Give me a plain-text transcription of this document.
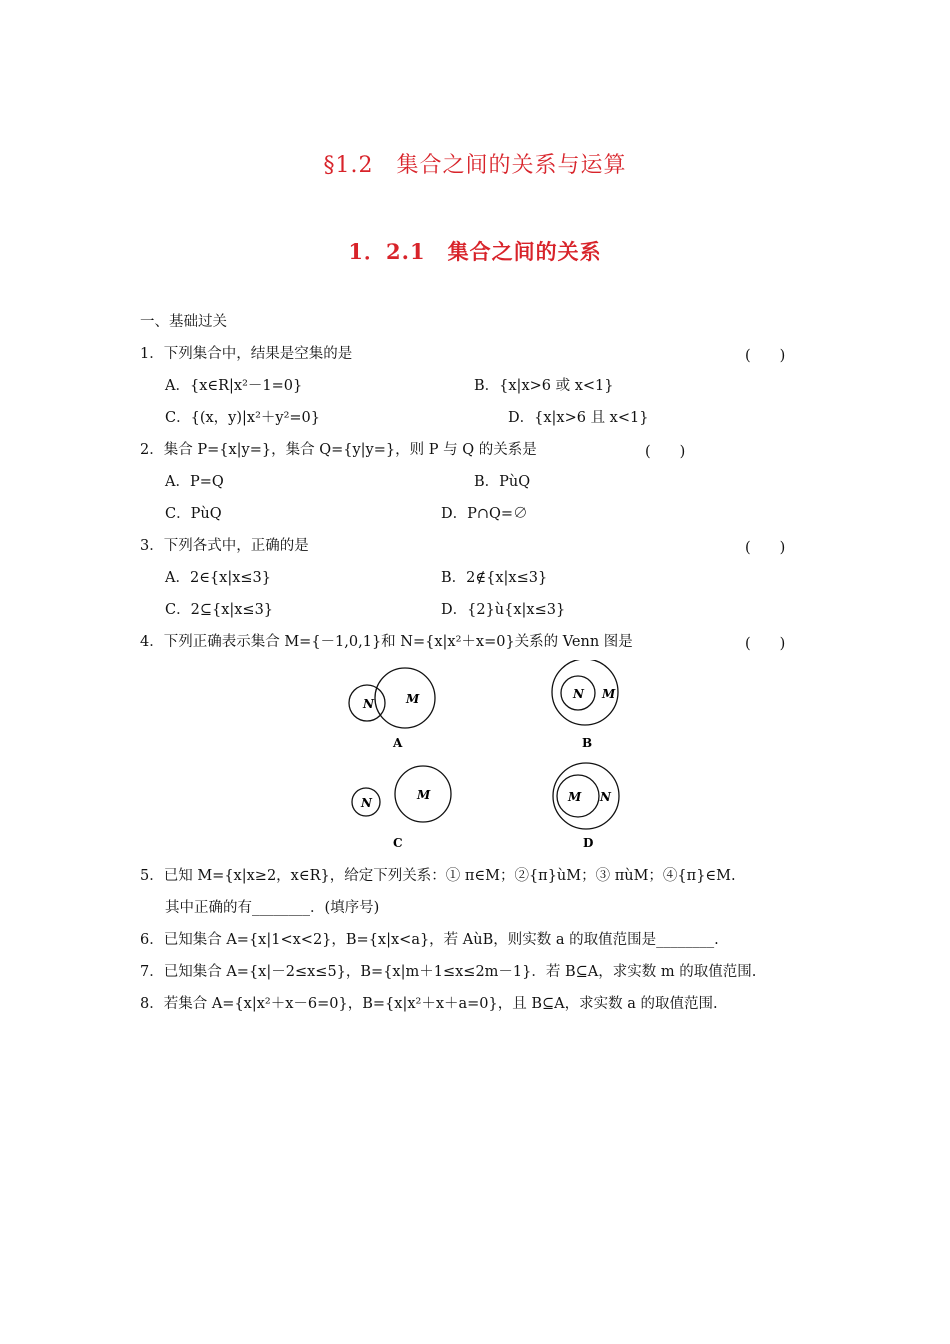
§1.2　集合之间的关系与运算
1．2.1　集合之间的关系
一、基础过关
1．下列集合中，结果是空集的是	(　　)
A．{x∈R|x²－1=0}	B．{x|x>6 或 x<1}
C．{(x，y)|x²＋y²=0}	D．{x|x>6 且 x<1}
2．集合 P={x|y=}，集合 Q={y|y=}，则 P 与 Q 的关系是	(　　)
A．P=Q	B．PùQ
C．PùQ	D．P∩Q=∅
3．下列各式中，正确的是	(　　)
A．2∈{x|x≤3}	B．2∉{x|x≤3}
C．2⊆{x|x≤3}	D．{2}ù{x|x≤3}
4．下列正确表示集合 M={－1,0,1}和 N={x|x²＋x=0}关系的 Venn 图是	(　　)
N	M
A
N M
B
N
M
C
M N
D
5．已知 M={x|x≥2，x∈R}，给定下列关系：① π∈M；②{π}ùM；③ πùM；④{π}∈M.
其中正确的有________．(填序号)
6．已知集合 A={x|1<x<2}，B={x|x<a}，若 AùB，则实数 a 的取值范围是________.
7．已知集合 A={x|－2≤x≤5}，B={x|m＋1≤x≤2m－1}．若 B⊆A，求实数 m 的取值范围.
8．若集合 A={x|x²＋x－6=0}，B={x|x²＋x＋a=0}，且 B⊆A，求实数 a 的取值范围.
